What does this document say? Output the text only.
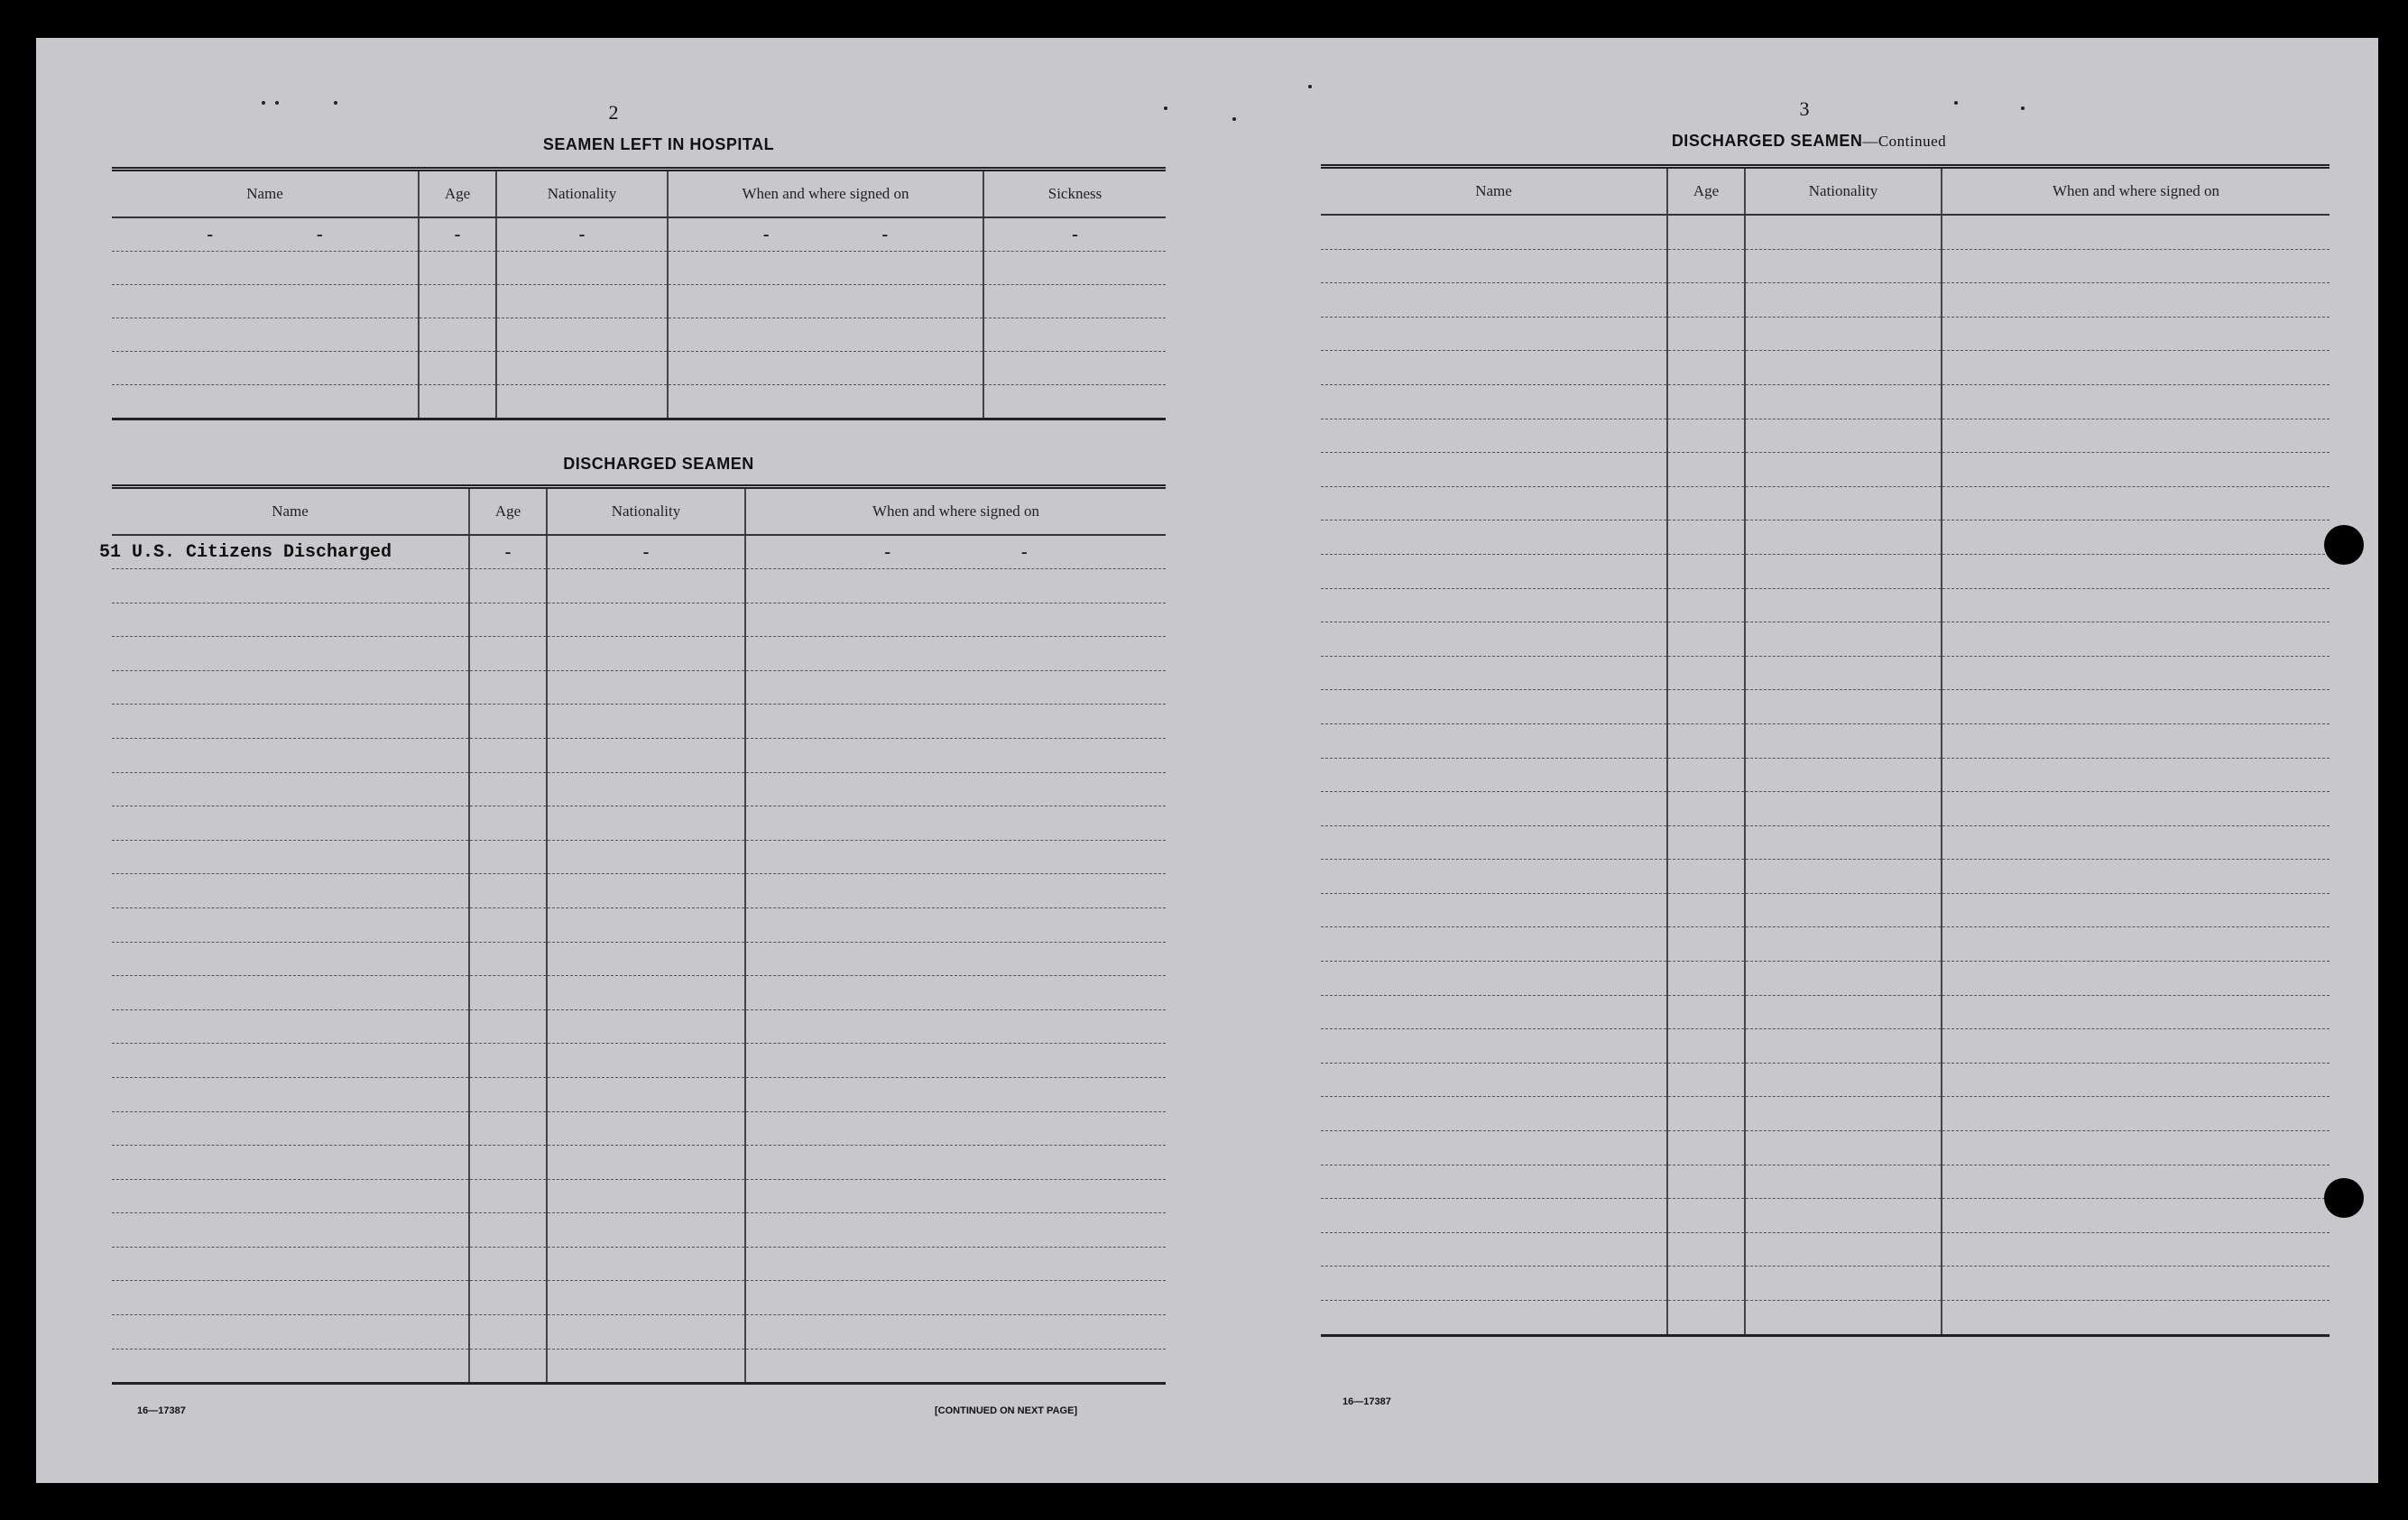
2

SEAMEN LEFT IN HOSPITAL

Name	Age	Nationality	When and where signed on	Sickness
- -	-	-	- -	-

DISCHARGED SEAMEN

Name	Age	Nationality	When and where signed on
51 U.S. Citizens Discharged	-	-	- -

16—17387	[CONTINUED ON NEXT PAGE]

3

DISCHARGED SEAMEN—Continued

Name	Age	Nationality	When and where signed on

16—17387
